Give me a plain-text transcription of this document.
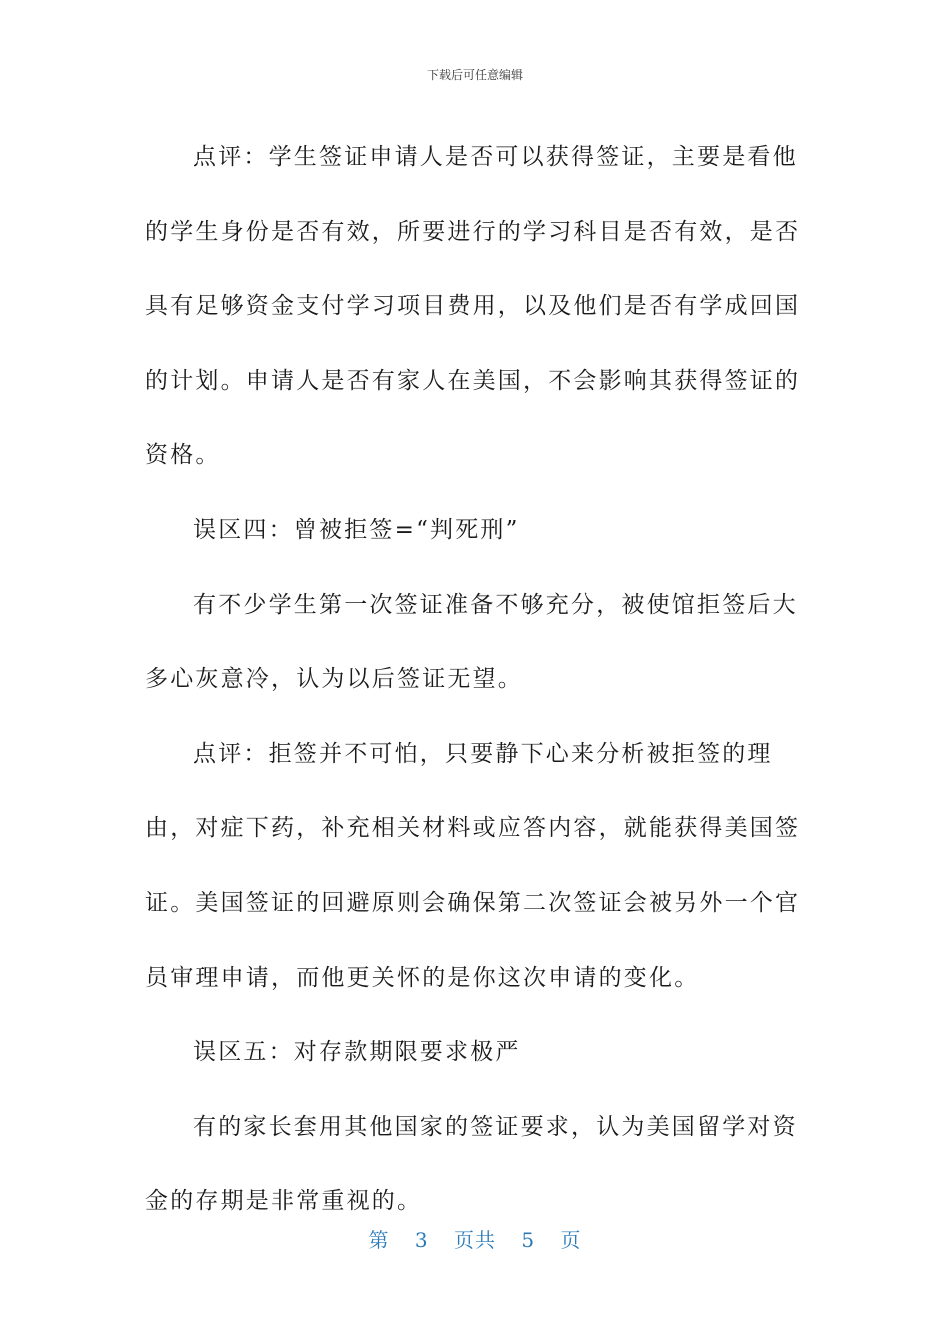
下载后可任意编辑

点评：学生签证申请人是否可以获得签证，主要是看他的学生身份是否有效，所要进行的学习科目是否有效，是否具有足够资金支付学习项目费用，以及他们是否有学成回国的计划。申请人是否有家人在美国，不会影响其获得签证的资格。

误区四：曾被拒签=“判死刑”

有不少学生第一次签证准备不够充分，被使馆拒签后大多心灰意冷，认为以后签证无望。

点评：拒签并不可怕，只要静下心来分析被拒签的理由，对症下药，补充相关材料或应答内容，就能获得美国签证。美国签证的回避原则会确保第二次签证会被另外一个官员审理申请，而他更关怀的是你这次申请的变化。

误区五：对存款期限要求极严

有的家长套用其他国家的签证要求，认为美国留学对资金的存期是非常重视的。

第 3 页共 5 页
